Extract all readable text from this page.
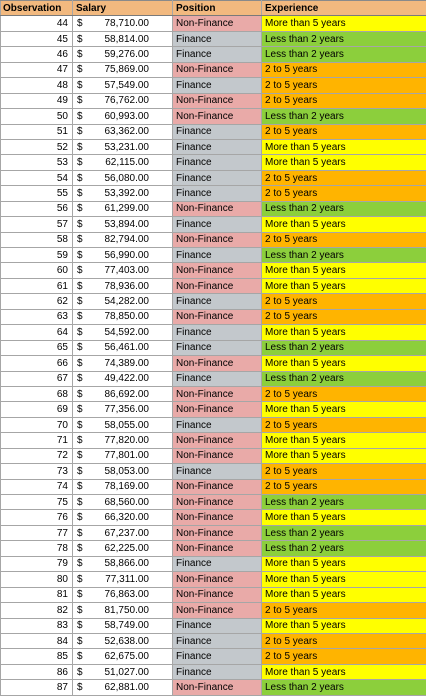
Observation	Salary	Position	Experience
44	$ 78,710.00	Non-Finance	More than 5 years
45	$ 58,814.00	Finance	Less than 2 years
46	$ 59,276.00	Finance	Less than 2 years
47	$ 75,869.00	Non-Finance	2 to 5 years
48	$ 57,549.00	Finance	2 to 5 years
49	$ 76,762.00	Non-Finance	2 to 5 years
50	$ 60,993.00	Non-Finance	Less than 2 years
51	$ 63,362.00	Finance	2 to 5 years
52	$ 53,231.00	Finance	More than 5 years
53	$ 62,115.00	Finance	More than 5 years
54	$ 56,080.00	Finance	2 to 5 years
55	$ 53,392.00	Finance	2 to 5 years
56	$ 61,299.00	Non-Finance	Less than 2 years
57	$ 53,894.00	Finance	More than 5 years
58	$ 82,794.00	Non-Finance	2 to 5 years
59	$ 56,990.00	Finance	Less than 2 years
60	$ 77,403.00	Non-Finance	More than 5 years
61	$ 78,936.00	Non-Finance	More than 5 years
62	$ 54,282.00	Finance	2 to 5 years
63	$ 78,850.00	Non-Finance	2 to 5 years
64	$ 54,592.00	Finance	More than 5 years
65	$ 56,461.00	Finance	Less than 2 years
66	$ 74,389.00	Non-Finance	More than 5 years
67	$ 49,422.00	Finance	Less than 2 years
68	$ 86,692.00	Non-Finance	2 to 5 years
69	$ 77,356.00	Non-Finance	More than 5 years
70	$ 58,055.00	Finance	2 to 5 years
71	$ 77,820.00	Non-Finance	More than 5 years
72	$ 77,801.00	Non-Finance	More than 5 years
73	$ 58,053.00	Finance	2 to 5 years
74	$ 78,169.00	Non-Finance	2 to 5 years
75	$ 68,560.00	Non-Finance	Less than 2 years
76	$ 66,320.00	Non-Finance	More than 5 years
77	$ 67,237.00	Non-Finance	Less than 2 years
78	$ 62,225.00	Non-Finance	Less than 2 years
79	$ 58,866.00	Finance	More than 5 years
80	$ 77,311.00	Non-Finance	More than 5 years
81	$ 76,863.00	Non-Finance	More than 5 years
82	$ 81,750.00	Non-Finance	2 to 5 years
83	$ 58,749.00	Finance	More than 5 years
84	$ 52,638.00	Finance	2 to 5 years
85	$ 62,675.00	Finance	2 to 5 years
86	$ 51,027.00	Finance	More than 5 years
87	$ 62,881.00	Non-Finance	Less than 2 years
